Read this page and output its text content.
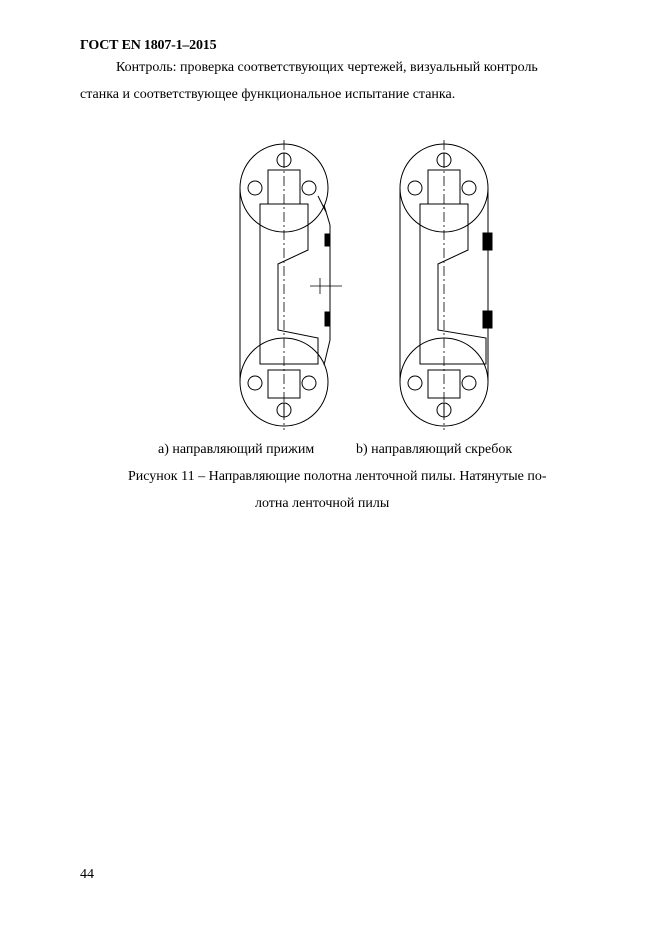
ГОСТ EN 1807-1–2015
Контроль: проверка соответствующих чертежей, визуальный контроль
станка и соответствующее функциональное испытание станка.
a) направляющий прижим	b) направляющий скребок
Рисунок 11 – Направляющие полотна ленточной пилы. Натянутые по-
лотна ленточной пилы
44
